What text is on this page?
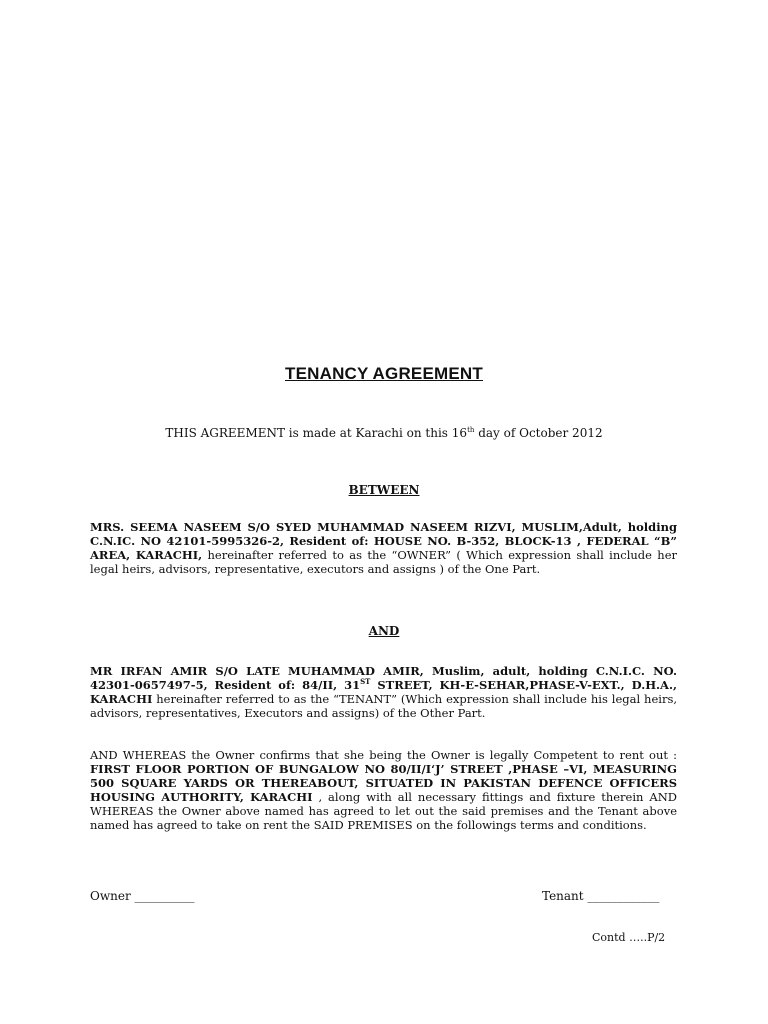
TENANCY AGREEMENT
THIS AGREEMENT is made at Karachi on this 16th day of October 2012
BETWEEN
MRS. SEEMA NASEEM S/O SYED MUHAMMAD NASEEM RIZVI, MUSLIM,Adult, holding C.N.IC. NO 42101-5995326-2, Resident of: HOUSE NO. B-352, BLOCK-13 , FEDERAL “B” AREA, KARACHI, hereinafter referred to as the “OWNER” ( Which expression shall include her legal heirs, advisors, representative, executors and assigns ) of the One Part.
AND
MR IRFAN AMIR S/O LATE MUHAMMAD AMIR, Muslim, adult, holding C.N.I.C. NO. 42301-0657497-5, Resident of: 84/II, 31ST STREET, KH-E-SEHAR,PHASE-V-EXT., D.H.A., KARACHI hereinafter referred to as the “TENANT” (Which expression shall include his legal heirs, advisors, representatives, Executors and assigns) of the Other Part.
AND WHEREAS the Owner confirms that she being the Owner is legally Competent to rent out : FIRST FLOOR PORTION OF BUNGALOW NO 80/II/I‘J’ STREET ,PHASE –VI, MEASURING 500 SQUARE YARDS OR THEREABOUT, SITUATED IN PAKISTAN DEFENCE OFFICERS HOUSING AUTHORITY, KARACHI , along with all necessary fittings and fixture therein AND WHEREAS the Owner above named has agreed to let out the said premises and the Tenant above named has agreed to take on rent the SAID PREMISES on the followings terms and conditions.
Owner __________	Tenant ____________
Contd …..P/2
